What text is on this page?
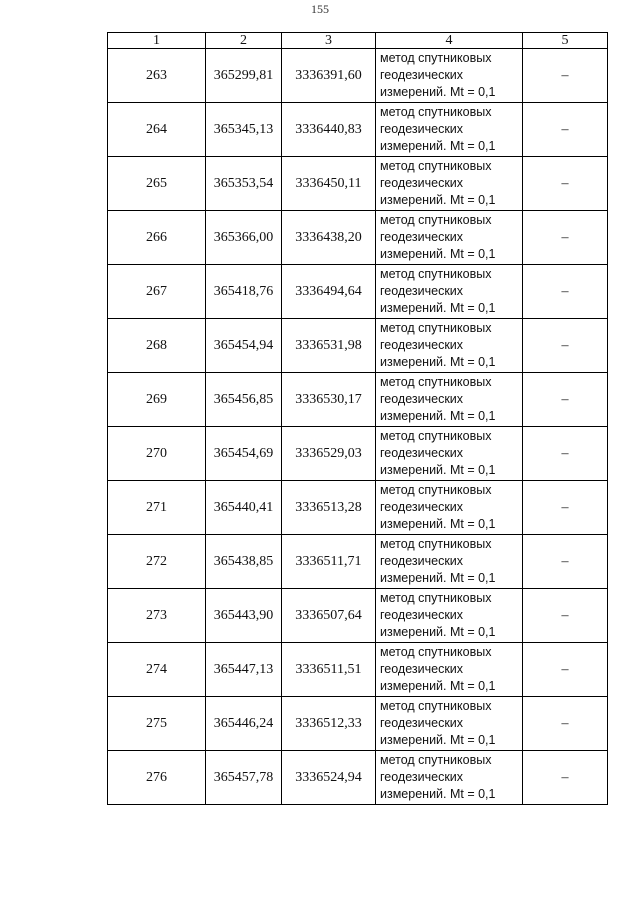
155
1	2	3	4	5
263	365299,81	3336391,60	метод спутниковых
геодезических
измерений. Mt = 0,1	–
264	365345,13	3336440,83	метод спутниковых
геодезических
измерений. Mt = 0,1	–
265	365353,54	3336450,11	метод спутниковых
геодезических
измерений. Mt = 0,1	–
266	365366,00	3336438,20	метод спутниковых
геодезических
измерений. Mt = 0,1	–
267	365418,76	3336494,64	метод спутниковых
геодезических
измерений. Mt = 0,1	–
268	365454,94	3336531,98	метод спутниковых
геодезических
измерений. Mt = 0,1	–
269	365456,85	3336530,17	метод спутниковых
геодезических
измерений. Mt = 0,1	–
270	365454,69	3336529,03	метод спутниковых
геодезических
измерений. Mt = 0,1	–
271	365440,41	3336513,28	метод спутниковых
геодезических
измерений. Mt = 0,1	–
272	365438,85	3336511,71	метод спутниковых
геодезических
измерений. Mt = 0,1	–
273	365443,90	3336507,64	метод спутниковых
геодезических
измерений. Mt = 0,1	–
274	365447,13	3336511,51	метод спутниковых
геодезических
измерений. Mt = 0,1	–
275	365446,24	3336512,33	метод спутниковых
геодезических
измерений. Mt = 0,1	–
276	365457,78	3336524,94	метод спутниковых
геодезических
измерений. Mt = 0,1	–
